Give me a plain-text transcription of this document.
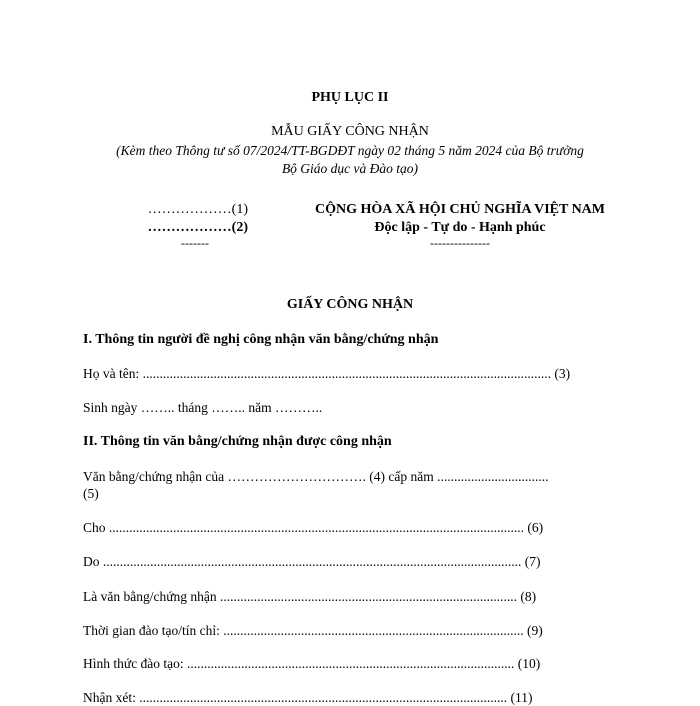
PHỤ LỤC II
MẪU GIẤY CÔNG NHẬN
(Kèm theo Thông tư số 07/2024/TT-BGDĐT ngày 02 tháng 5 năm 2024 của Bộ trưởng
Bộ Giáo dục và Đào tạo)
………………(1)
………………(2)
-------
CỘNG HÒA XÃ HỘI CHỦ NGHĨA VIỆT NAM
Độc lập - Tự do - Hạnh phúc
---------------
GIẤY CÔNG NHẬN
I. Thông tin người đề nghị công nhận văn bằng/chứng nhận
Họ và tên: ......................................................................................................................... (3)
Sinh ngày …….. tháng …….. năm ………..
II. Thông tin văn bằng/chứng nhận được công nhận
Văn bằng/chứng nhận của …………………………. (4) cấp năm .................................
(5)
Cho ........................................................................................................................... (6)
Do ............................................................................................................................ (7)
Là văn bằng/chứng nhận ........................................................................................ (8)
Thời gian đào tạo/tín chỉ: ......................................................................................... (9)
Hình thức đào tạo: ................................................................................................. (10)
Nhận xét: ............................................................................................................. (11)
